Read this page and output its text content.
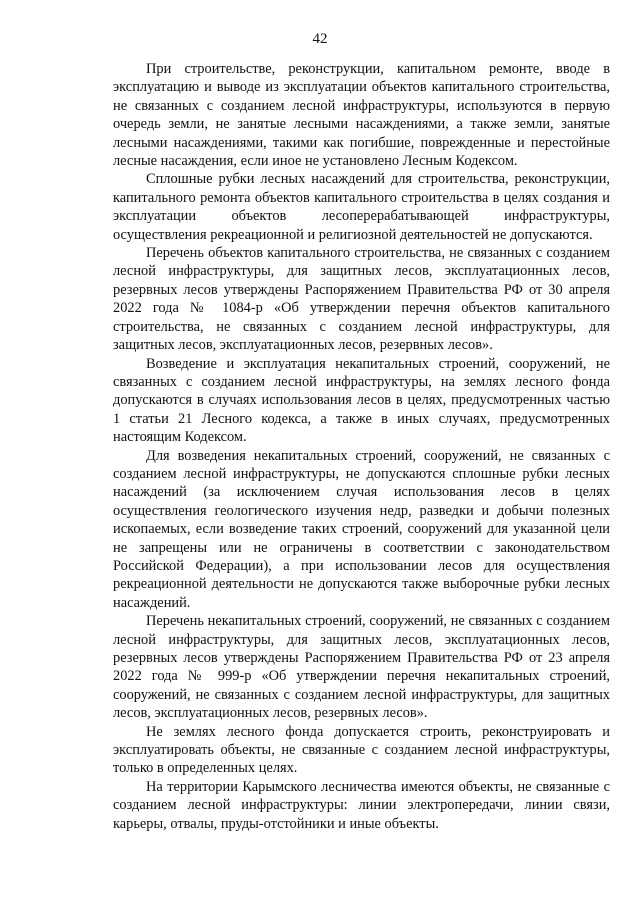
42

При строительстве, реконструкции, капитальном ремонте, вводе в эксплуатацию и выводе из эксплуатации объектов капитального строительства, не связанных с созданием лесной инфраструктуры, используются в первую очередь земли, не занятые лесными насаждениями, а также земли, занятые лесными насаждениями, такими как погибшие, поврежденные и перестойные лесные насаждения, если иное не установлено Лесным Кодексом.

Сплошные рубки лесных насаждений для строительства, реконструкции, капитального ремонта объектов капитального строительства в целях создания и эксплуатации объектов лесоперерабатывающей инфраструктуры, осуществления рекреационной и религиозной деятельностей не допускаются.

Перечень объектов капитального строительства, не связанных с созданием лесной инфраструктуры, для защитных лесов, эксплуатационных лесов, резервных лесов утверждены Распоряжением Правительства РФ от 30 апреля 2022 года № 1084-р «Об утверждении перечня объектов капитального строительства, не связанных с созданием лесной инфраструктуры, для защитных лесов, эксплуатационных лесов, резервных лесов».

Возведение и эксплуатация некапитальных строений, сооружений, не связанных с созданием лесной инфраструктуры, на землях лесного фонда допускаются в случаях использования лесов в целях, предусмотренных частью 1 статьи 21 Лесного кодекса, а также в иных случаях, предусмотренных настоящим Кодексом.

Для возведения некапитальных строений, сооружений, не связанных с созданием лесной инфраструктуры, не допускаются сплошные рубки лесных насаждений (за исключением случая использования лесов в целях осуществления геологического изучения недр, разведки и добычи полезных ископаемых, если возведение таких строений, сооружений для указанной цели не запрещены или не ограничены в соответствии с законодательством Российской Федерации), а при использовании лесов для осуществления рекреационной деятельности не допускаются также выборочные рубки лесных насаждений.

Перечень некапитальных строений, сооружений, не связанных с созданием лесной инфраструктуры, для защитных лесов, эксплуатационных лесов, резервных лесов утверждены Распоряжением Правительства РФ от 23 апреля 2022 года № 999-р «Об утверждении перечня некапитальных строений, сооружений, не связанных с созданием лесной инфраструктуры, для защитных лесов, эксплуатационных лесов, резервных лесов».

Не землях лесного фонда допускается строить, реконструировать и эксплуатировать объекты, не связанные с созданием лесной инфраструктуры, только в определенных целях.

На территории Карымского лесничества имеются объекты, не связанные с созданием лесной инфраструктуры: линии электропередачи, линии связи, карьеры, отвалы, пруды-отстойники и иные объекты.
